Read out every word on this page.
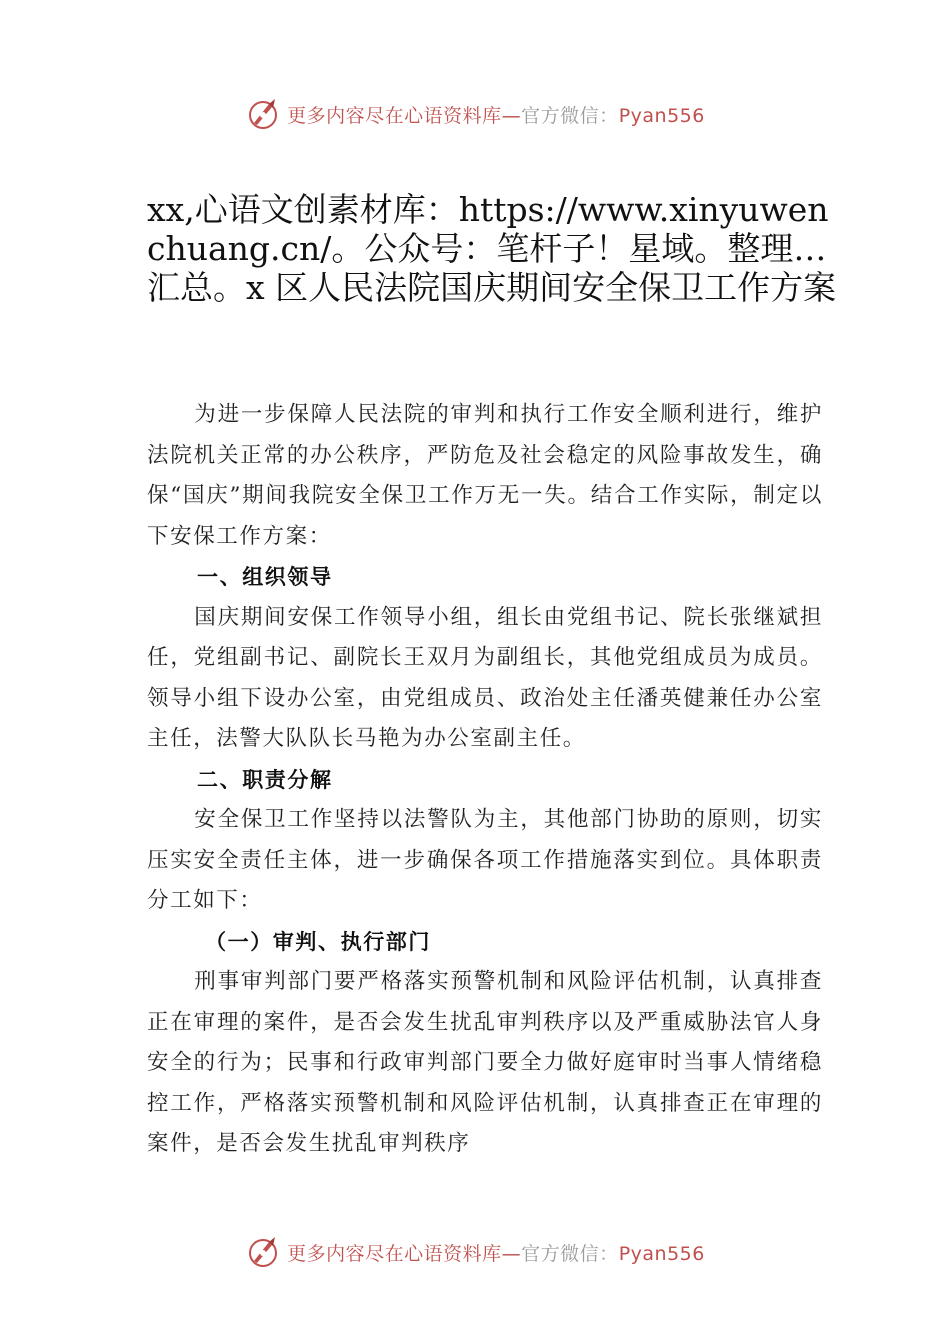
更多内容尽在心语资料库—官方微信：Pyan556
xx,心语文创素材库：https://www.xinyuwenchuang.cn/。公众号：笔杆子！星域。整理…汇总。x 区人民法院国庆期间安全保卫工作方案

为进一步保障人民法院的审判和执行工作安全顺利进行，维护法院机关正常的办公秩序，严防危及社会稳定的风险事故发生，确保“国庆”期间我院安全保卫工作万无一失。结合工作实际，制定以下安保工作方案：

一、组织领导

国庆期间安保工作领导小组，组长由党组书记、院长张继斌担任，党组副书记、副院长王双月为副组长，其他党组成员为成员。领导小组下设办公室，由党组成员、政治处主任潘英健兼任办公室主任，法警大队队长马艳为办公室副主任。

二、职责分解

安全保卫工作坚持以法警队为主，其他部门协助的原则，切实压实安全责任主体，进一步确保各项工作措施落实到位。具体职责分工如下：

（一）审判、执行部门

刑事审判部门要严格落实预警机制和风险评估机制，认真排查正在审理的案件，是否会发生扰乱审判秩序以及严重威胁法官人身安全的行为；民事和行政审判部门要全力做好庭审时当事人情绪稳控工作，严格落实预警机制和风险评估机制，认真排查正在审理的案件，是否会发生扰乱审判秩序

更多内容尽在心语资料库—官方微信：Pyan556
